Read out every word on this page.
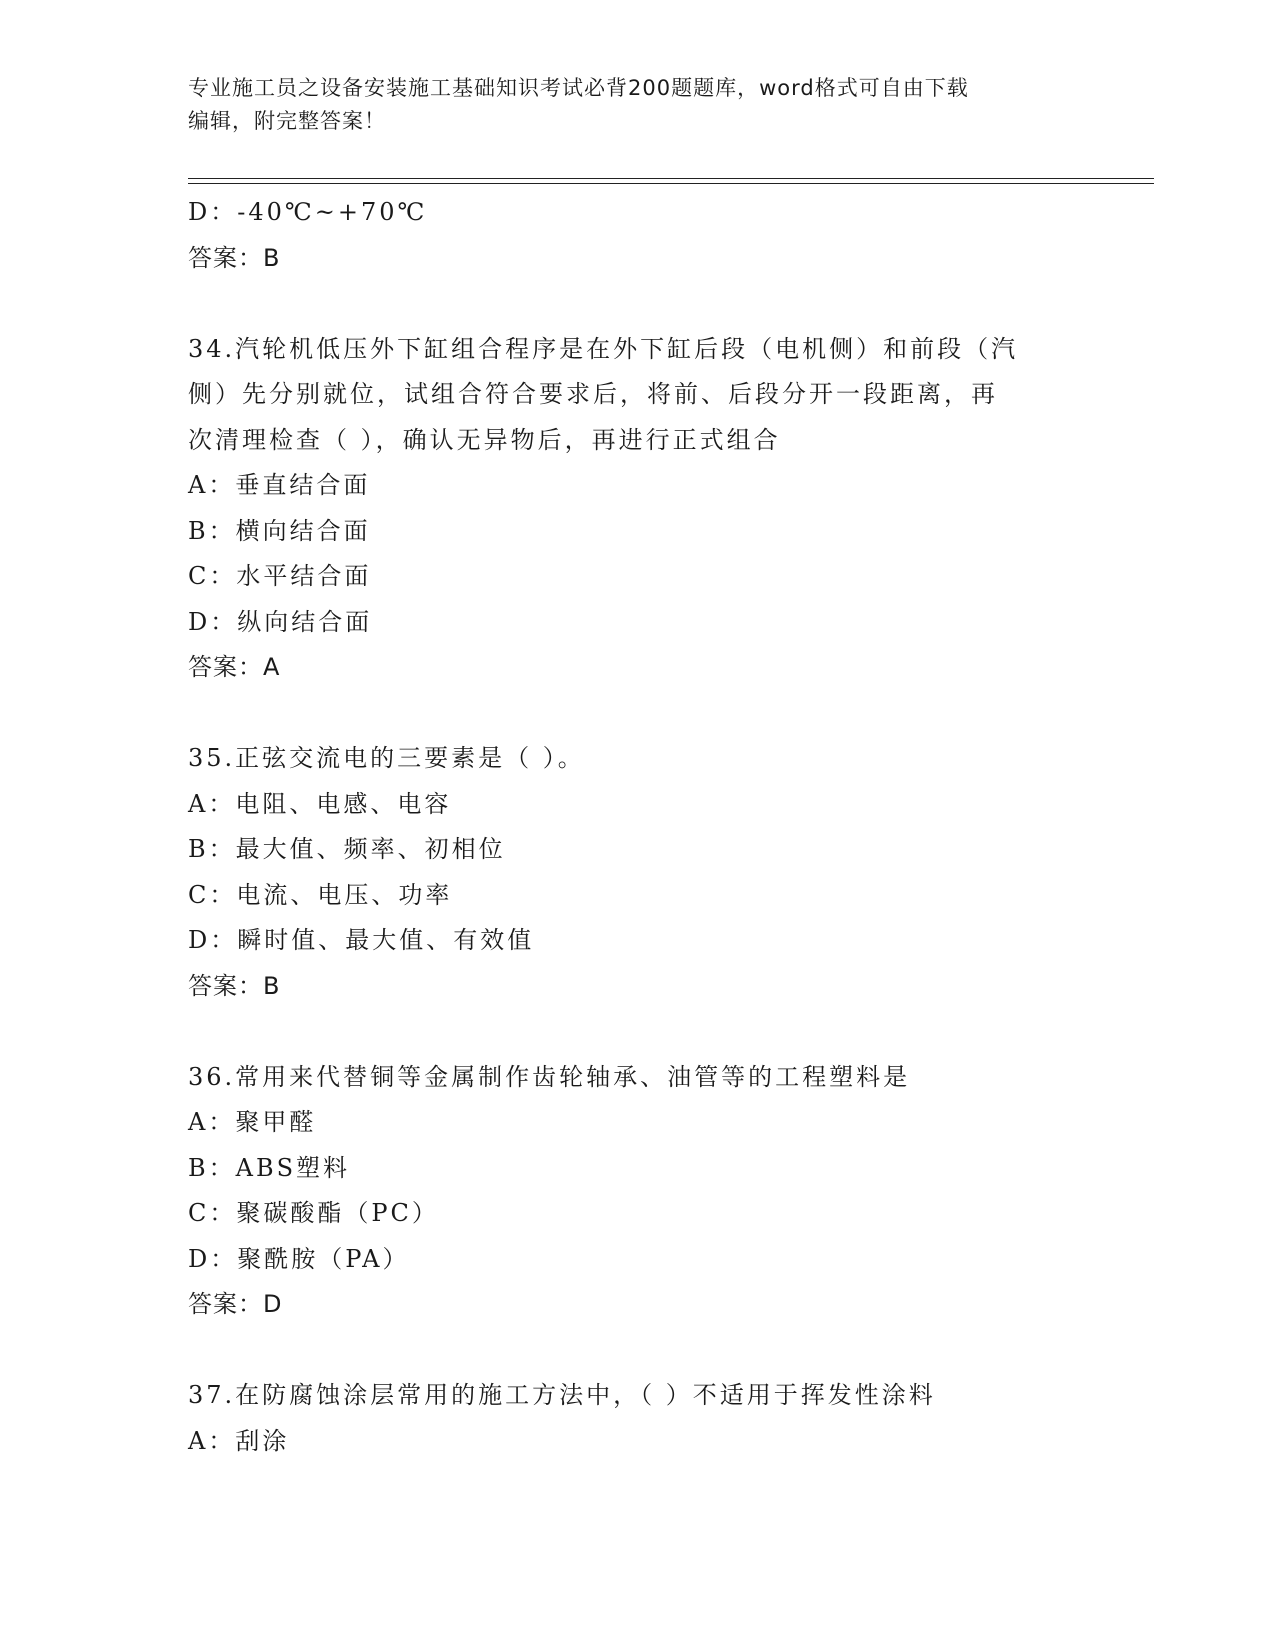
专业施工员之设备安装施工基础知识考试必背200题题库，word格式可自由下载
编辑，附完整答案！
D：-40℃~+70℃
答案：B
34.汽轮机低压外下缸组合程序是在外下缸后段（电机侧）和前段（汽
侧）先分别就位，试组合符合要求后，将前、后段分开一段距离，再
次清理检查（ ），确认无异物后，再进行正式组合
A：垂直结合面
B：横向结合面
C：水平结合面
D：纵向结合面
答案：A
35.正弦交流电的三要素是（ ）。
A：电阻、电感、电容
B：最大值、频率、初相位
C：电流、电压、功率
D：瞬时值、最大值、有效值
答案：B
36.常用来代替铜等金属制作齿轮轴承、油管等的工程塑料是
A：聚甲醛
B：ABS塑料
C：聚碳酸酯（PC）
D：聚酰胺（PA）
答案：D
37.在防腐蚀涂层常用的施工方法中，（ ）不适用于挥发性涂料
A：刮涂
